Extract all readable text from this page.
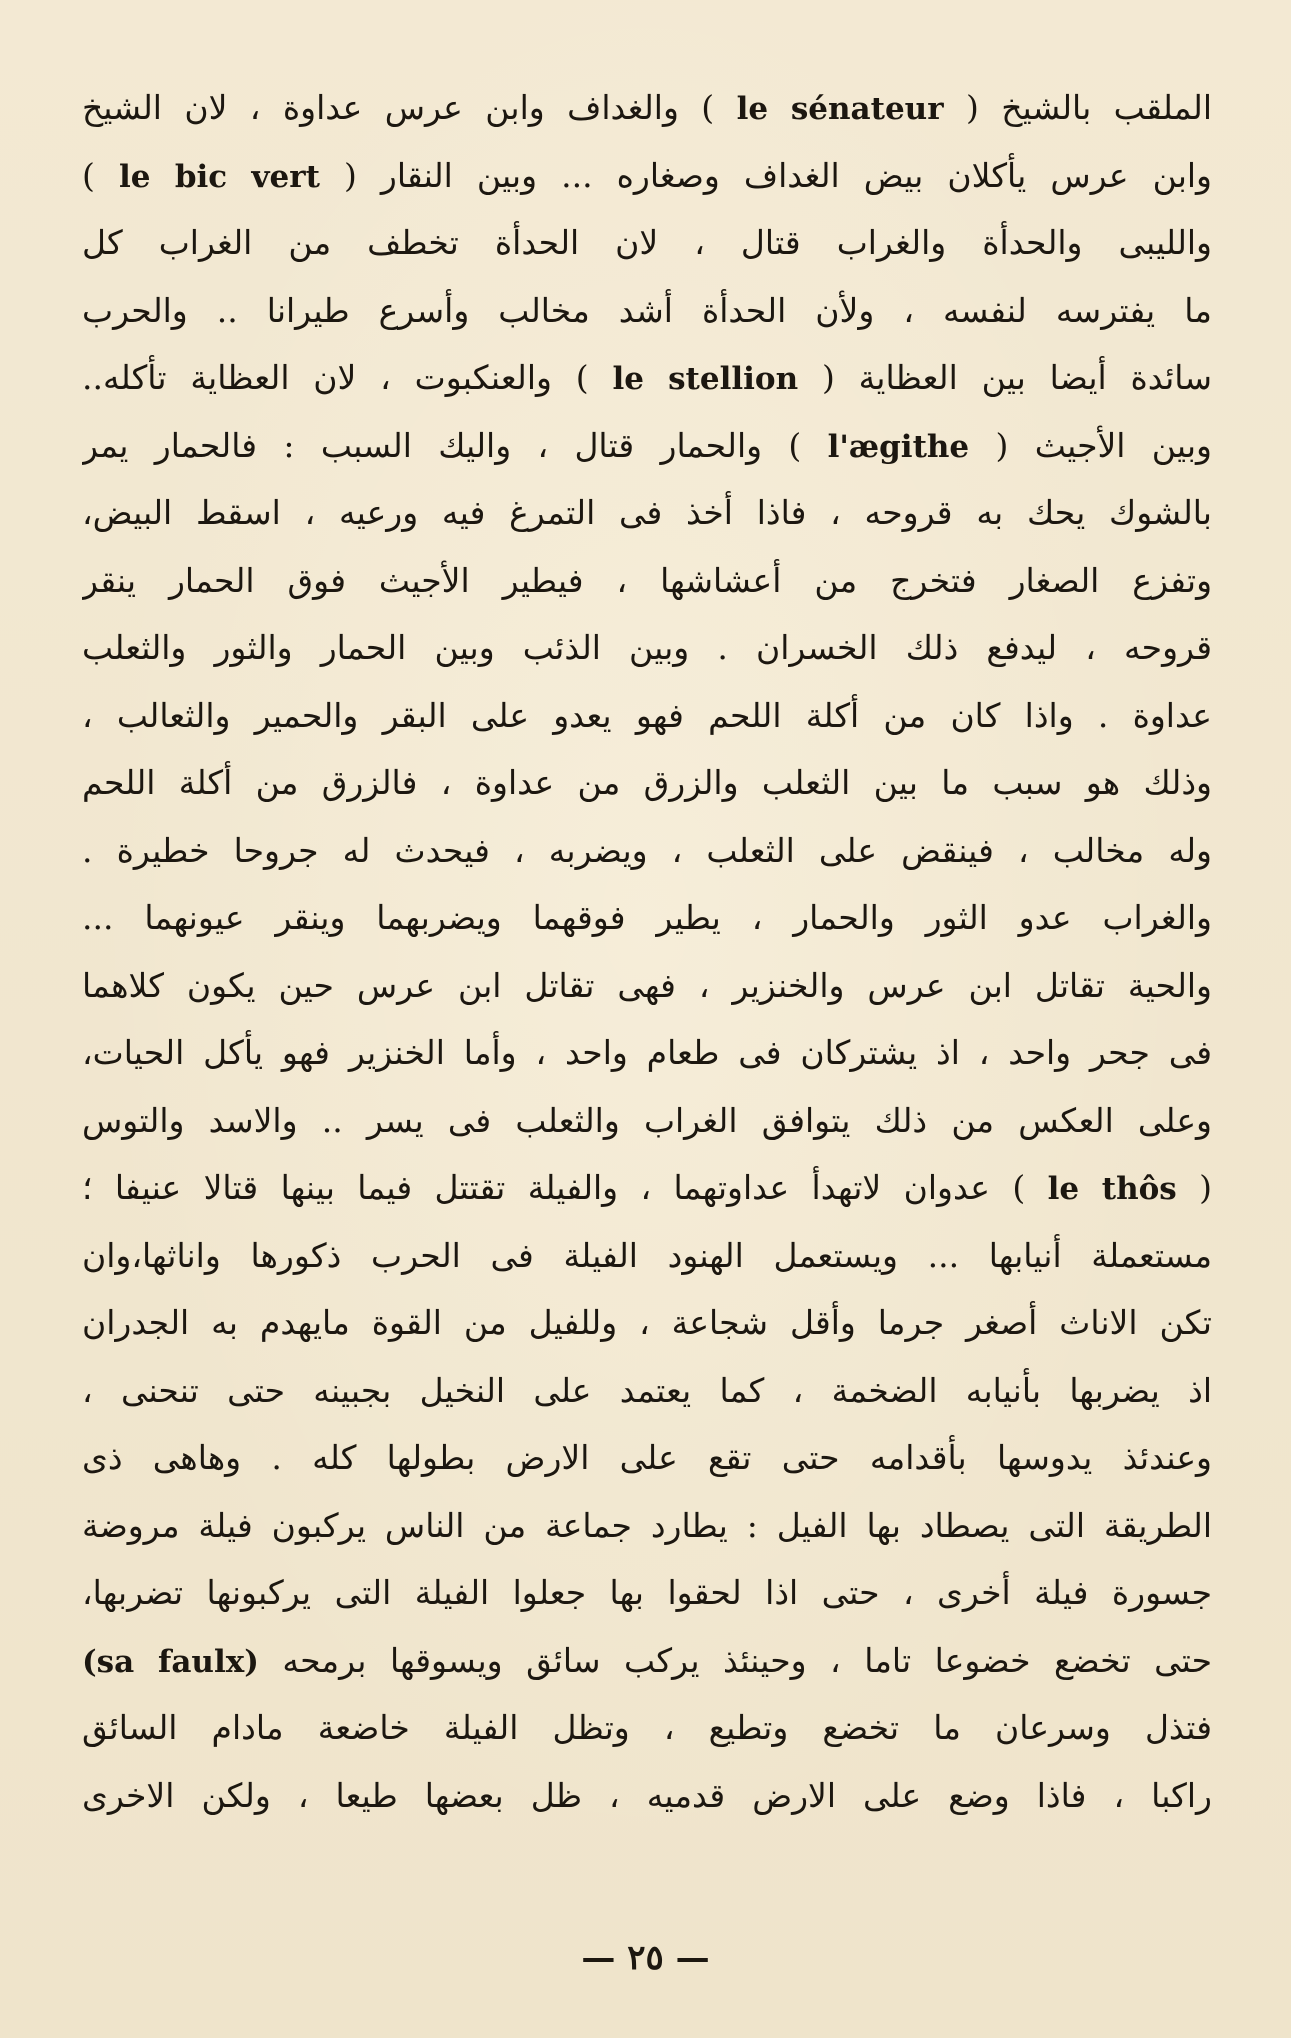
الملقب بالشيخ ( le sénateur ) والغداف وابن عرس عداوة ، لان الشيخ
وابن عرس يأكلان بيض الغداف وصغاره ... وبين النقار ( le bic vert )
والليبى والحدأة والغراب قتال ، لان الحدأة تخطف من الغراب كل
ما يفترسه لنفسه ، ولأن الحدأة أشد مخالب وأسرع طيرانا .. والحرب
سائدة أيضا بين العظاية ( le stellion ) والعنكبوت ، لان العظاية تأكله..
وبين الأجيث ( l'ægithe ) والحمار قتال ، واليك السبب : فالحمار يمر
بالشوك يحك به قروحه ، فاذا أخذ فى التمرغ فيه ورعيه ، اسقط البيض،
وتفزع الصغار فتخرج من أعشاشها ، فيطير الأجيث فوق الحمار ينقر
قروحه ، ليدفع ذلك الخسران . وبين الذئب وبين الحمار والثور والثعلب
عداوة . واذا كان من أكلة اللحم فهو يعدو على البقر والحمير والثعالب ،
وذلك هو سبب ما بين الثعلب والزرق من عداوة ، فالزرق من أكلة اللحم
وله مخالب ، فينقض على الثعلب ، ويضربه ، فيحدث له جروحا خطيرة .
والغراب عدو الثور والحمار ، يطير فوقهما ويضربهما وينقر عيونهما ...
والحية تقاتل ابن عرس والخنزير ، فهى تقاتل ابن عرس حين يكون كلاهما
فى جحر واحد ، اذ يشتركان فى طعام واحد ، وأما الخنزير فهو يأكل الحيات،
وعلى العكس من ذلك يتوافق الغراب والثعلب فى يسر .. والاسد والتوس
( le thôs ) عدوان لاتهدأ عداوتهما ، والفيلة تقتتل فيما بينها قتالا عنيفا ؛
مستعملة أنيابها ... ويستعمل الهنود الفيلة فى الحرب ذكورها واناثها،وان
تكن الاناث أصغر جرما وأقل شجاعة ، وللفيل من القوة مايهدم به الجدران
اذ يضربها بأنيابه الضخمة ، كما يعتمد على النخيل بجبينه حتى تنحنى ،
وعندئذ يدوسها بأقدامه حتى تقع على الارض بطولها كله . وهاهى ذى
الطريقة التى يصطاد بها الفيل : يطارد جماعة من الناس يركبون فيلة مروضة
جسورة فيلة أخرى ، حتى اذا لحقوا بها جعلوا الفيلة التى يركبونها تضربها،
حتى تخضع خضوعا تاما ، وحينئذ يركب سائق ويسوقها برمحه (sa faulx)
فتذل وسرعان ما تخضع وتطيع ، وتظل الفيلة خاضعة مادام السائق
راكبا ، فاذا وضع على الارض قدميه ، ظل بعضها طيعا ، ولكن الاخرى
— ٢٥ —
